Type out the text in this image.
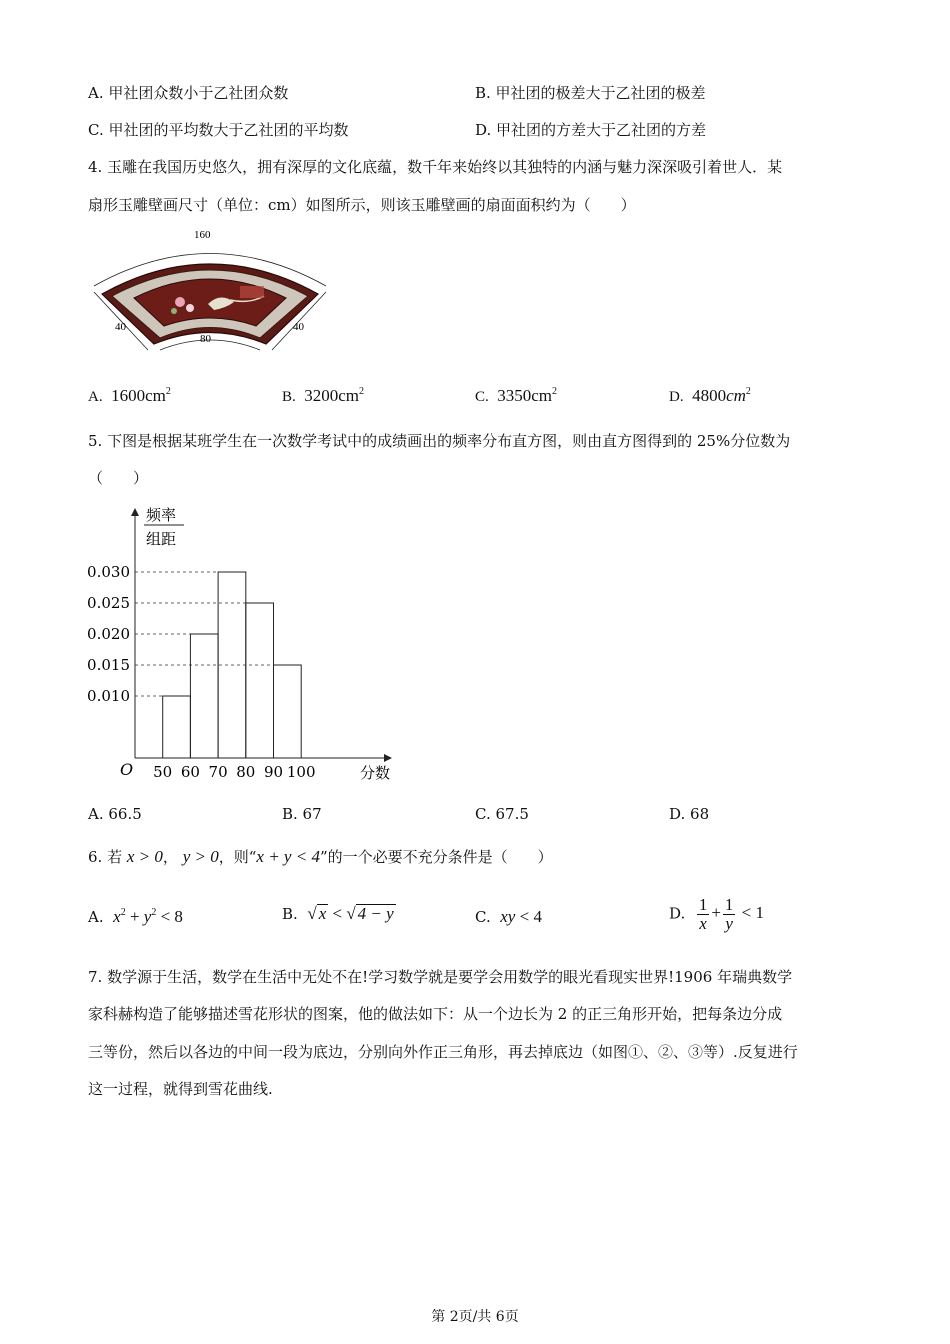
A. 甲社团众数小于乙社团众数	B. 甲社团的极差大于乙社团的极差
C. 甲社团的平均数大于乙社团的平均数	D. 甲社团的方差大于乙社团的方差
4. 玉雕在我国历史悠久，拥有深厚的文化底蕴，数千年来始终以其独特的内涵与魅力深深吸引着世人．某
扇形玉雕壁画尺寸（单位：cm）如图所示，则该玉雕壁画的扇面面积约为（　　）
160
80
40	40
A. $1600cm^2$	B. $3200cm^2$	C. $3350cm^2$	D. $4800cm^2$
5. 下图是根据某班学生在一次数学考试中的成绩画出的频率分布直方图，则由直方图得到的 25%分位数为
（　　）
频率
组距
O	分数
0.010
0.015
0.020
0.025
0.030
50 60 70 80 90 100
A. 66.5	B. 67	C. 67.5	D. 68
6. 若 x > 0， y > 0，则“x + y < 4”的一个必要不充分条件是（　　）
A. $x^2 + y^2 < 8$	B. √ x < √ 4 − y	C. xy < 4	D. $\frac{1}{x} + \frac{1}{y} < 1$
7. 数学源于生活，数学在生活中无处不在!学习数学就是要学会用数学的眼光看现实世界!1906 年瑞典数学
家科赫构造了能够描述雪花形状的图案，他的做法如下：从一个边长为 2 的正三角形开始，把每条边分成
三等份，然后以各边的中间一段为底边，分别向外作正三角形，再去掉底边（如图①、②、③等）.反复进行
这一过程，就得到雪花曲线.
第 2页/共 6页
